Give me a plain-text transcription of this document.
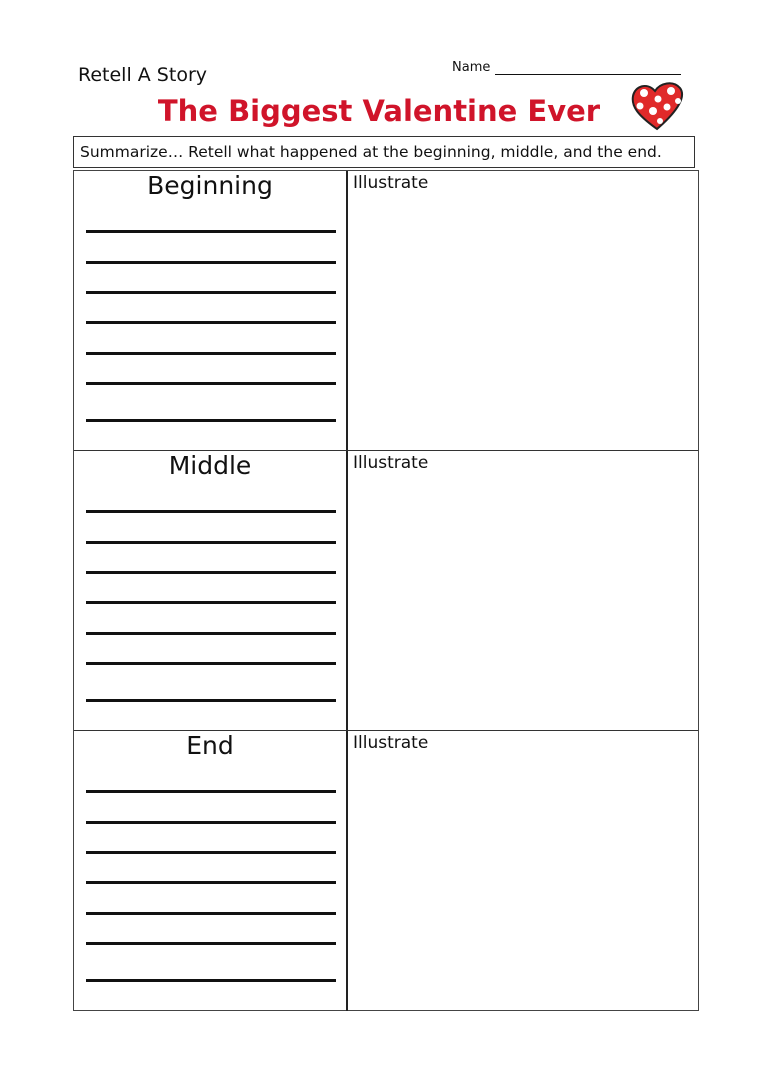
Retell A Story	Name
The Biggest Valentine Ever
Summarize… Retell what happened at the beginning, middle, and the end.
Beginning	Illustrate
Middle	Illustrate
End	Illustrate
